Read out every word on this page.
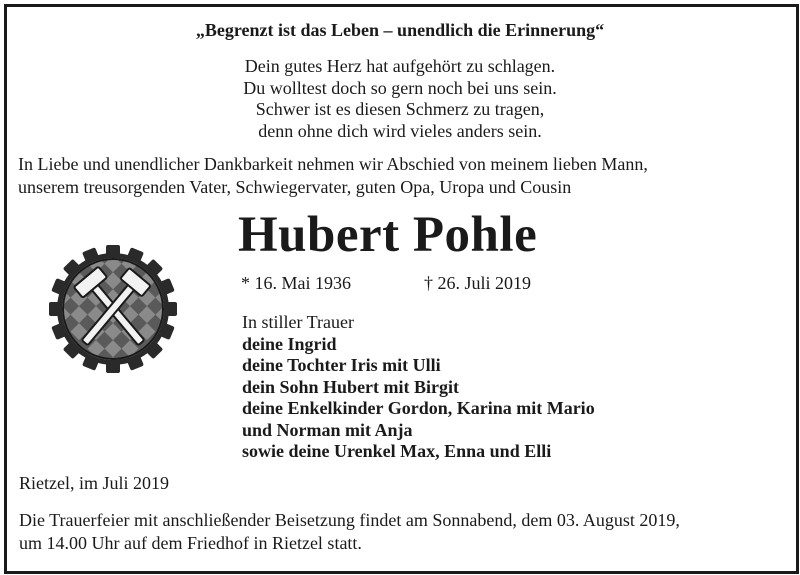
„Begrenzt ist das Leben – unendlich die Erinnerung“
Dein gutes Herz hat aufgehört zu schlagen.
Du wolltest doch so gern noch bei uns sein.
Schwer ist es diesen Schmerz zu tragen,
denn ohne dich wird vieles anders sein.
In Liebe und unendlicher Dankbarkeit nehmen wir Abschied von meinem lieben Mann,
unserem treusorgenden Vater, Schwiegervater, guten Opa, Uropa und Cousin
Hubert Pohle
* 16. Mai 1936	† 26. Juli 2019
In stiller Trauer
deine Ingrid
deine Tochter Iris mit Ulli
dein Sohn Hubert mit Birgit
deine Enkelkinder Gordon, Karina mit Mario
und Norman mit Anja
sowie deine Urenkel Max, Enna und Elli
Rietzel, im Juli 2019
Die Trauerfeier mit anschließender Beisetzung findet am Sonnabend, dem 03. August 2019,
um 14.00 Uhr auf dem Friedhof in Rietzel statt.
